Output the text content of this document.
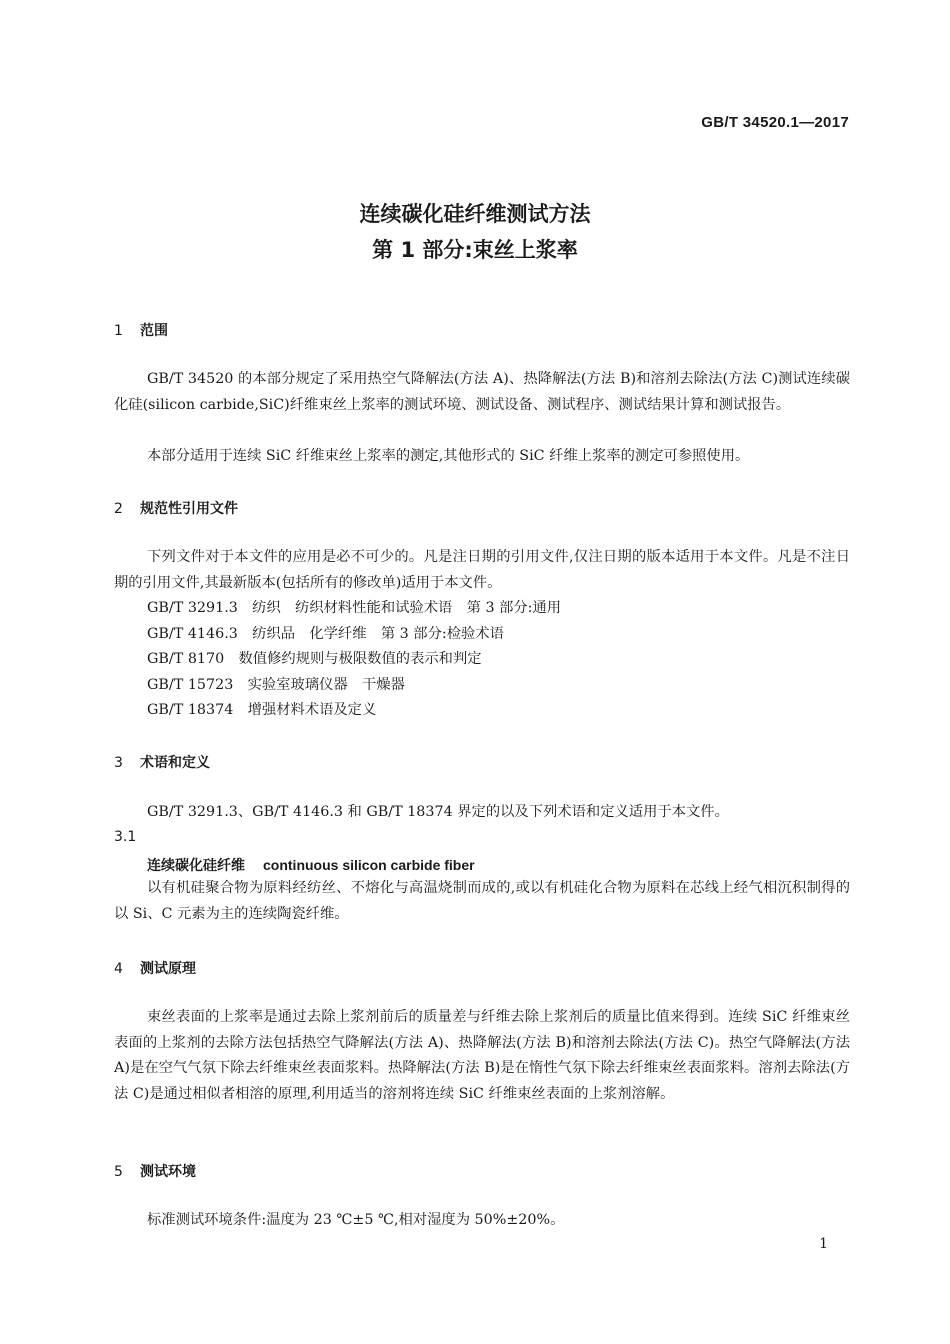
GB/T 34520.1—2017
连续碳化硅纤维测试方法
第 1 部分:束丝上浆率
1 范围
GB/T 34520 的本部分规定了采用热空气降解法(方法 A)、热降解法(方法 B)和溶剂去除法(方法 C)测试连续碳化硅(silicon carbide,SiC)纤维束丝上浆率的测试环境、测试设备、测试程序、测试结果计算和测试报告。
本部分适用于连续 SiC 纤维束丝上浆率的测定,其他形式的 SiC 纤维上浆率的测定可参照使用。
2 规范性引用文件
下列文件对于本文件的应用是必不可少的。凡是注日期的引用文件,仅注日期的版本适用于本文件。凡是不注日期的引用文件,其最新版本(包括所有的修改单)适用于本文件。
GB/T 3291.3　纺织　纺织材料性能和试验术语　第 3 部分:通用
GB/T 4146.3　纺织品　化学纤维　第 3 部分:检验术语
GB/T 8170　数值修约规则与极限数值的表示和判定
GB/T 15723　实验室玻璃仪器　干燥器
GB/T 18374　增强材料术语及定义
3 术语和定义
GB/T 3291.3、GB/T 4146.3 和 GB/T 18374 界定的以及下列术语和定义适用于本文件。
3.1
连续碳化硅纤维 continuous silicon carbide fiber
以有机硅聚合物为原料经纺丝、不熔化与高温烧制而成的,或以有机硅化合物为原料在芯线上经气相沉积制得的以 Si、C 元素为主的连续陶瓷纤维。
4 测试原理
束丝表面的上浆率是通过去除上浆剂前后的质量差与纤维去除上浆剂后的质量比值来得到。连续 SiC 纤维束丝表面的上浆剂的去除方法包括热空气降解法(方法 A)、热降解法(方法 B)和溶剂去除法(方法 C)。热空气降解法(方法 A)是在空气气氛下除去纤维束丝表面浆料。热降解法(方法 B)是在惰性气氛下除去纤维束丝表面浆料。溶剂去除法(方法 C)是通过相似者相溶的原理,利用适当的溶剂将连续 SiC 纤维束丝表面的上浆剂溶解。
5 测试环境
标准测试环境条件:温度为 23 ℃±5 ℃,相对湿度为 50%±20%。
1
